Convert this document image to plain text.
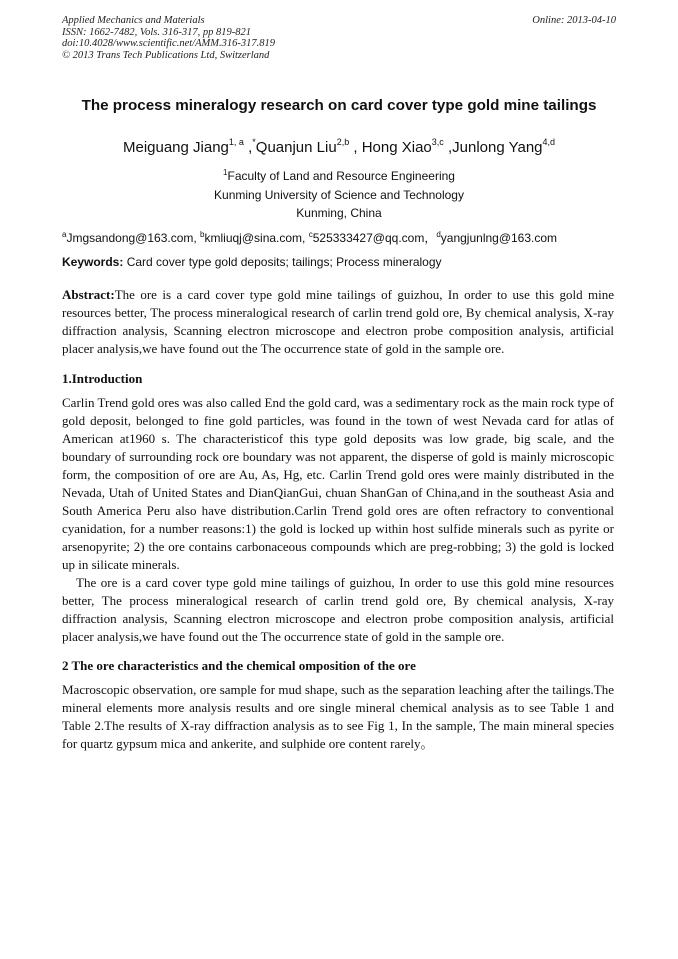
Applied Mechanics and Materials
ISSN: 1662-7482, Vols. 316-317, pp 819-821
doi:10.4028/www.scientific.net/AMM.316-317.819
© 2013 Trans Tech Publications Ltd, Switzerland
Online: 2013-04-10
The process mineralogy research on card cover type gold mine tailings
Meiguang Jiang$^{1, a}$ ,*Quanjun Liu$^{2,b}$ , Hong Xiao$^{3,c}$ ,Junlong Yang$^{4,d}$
$^1$Faculty of Land and Resource Engineering
Kunming University of Science and Technology
Kunming, China
$^a$Jmgsandong@163.com, $^b$kmliuqj@sina.com, $^c$525333427@qq.com，$^d$yangjunlng@163.com
Keywords: Card cover type gold deposits; tailings; Process mineralogy
Abstract:The ore is a card cover type gold mine tailings of guizhou, In order to use this gold mine resources better, The process mineralogical research of carlin trend gold ore, By chemical analysis, X-ray diffraction analysis, Scanning electron microscope and electron probe composition analysis, artificial placer analysis,we have found out the The occurrence state of gold in the sample ore.
1.Introduction
Carlin Trend gold ores was also called End the gold card, was a sedimentary rock as the main rock type of gold deposit, belonged to fine gold particles, was found in the town of west Nevada card for atlas of American at1960 s. The characteristicof this type gold deposits was low grade, big scale, and the boundary of surrounding rock ore boundary was not apparent, the disperse of gold is mainly microscopic form, the composition of ore are Au, As, Hg, etc. Carlin Trend gold ores were mainly distributed in the Nevada, Utah of United States and DianQianGui, chuan ShanGan of China,and in the southeast Asia and South America Peru also have distribution.Carlin Trend gold ores are often refractory to conventional cyanidation, for a number reasons:1) the gold is locked up within host sulfide minerals such as pyrite or arsenopyrite; 2) the ore contains carbonaceous compounds which are preg-robbing; 3) the gold is locked up in silicate minerals.
The ore is a card cover type gold mine tailings of guizhou, In order to use this gold mine resources better, The process mineralogical research of carlin trend gold ore, By chemical analysis, X-ray diffraction analysis, Scanning electron microscope and electron probe composition analysis, artificial placer analysis,we have found out the The occurrence state of gold in the sample ore.
2 The ore characteristics and the chemical omposition of the ore
Macroscopic observation, ore sample for mud shape, such as the separation leaching after the tailings.The mineral elements more analysis results and ore single mineral chemical analysis as to see Table 1 and Table 2.The results of X-ray diffraction analysis as to see Fig 1, In the sample, The main mineral species for quartz gypsum mica and ankerite, and sulphide ore content rarely。
